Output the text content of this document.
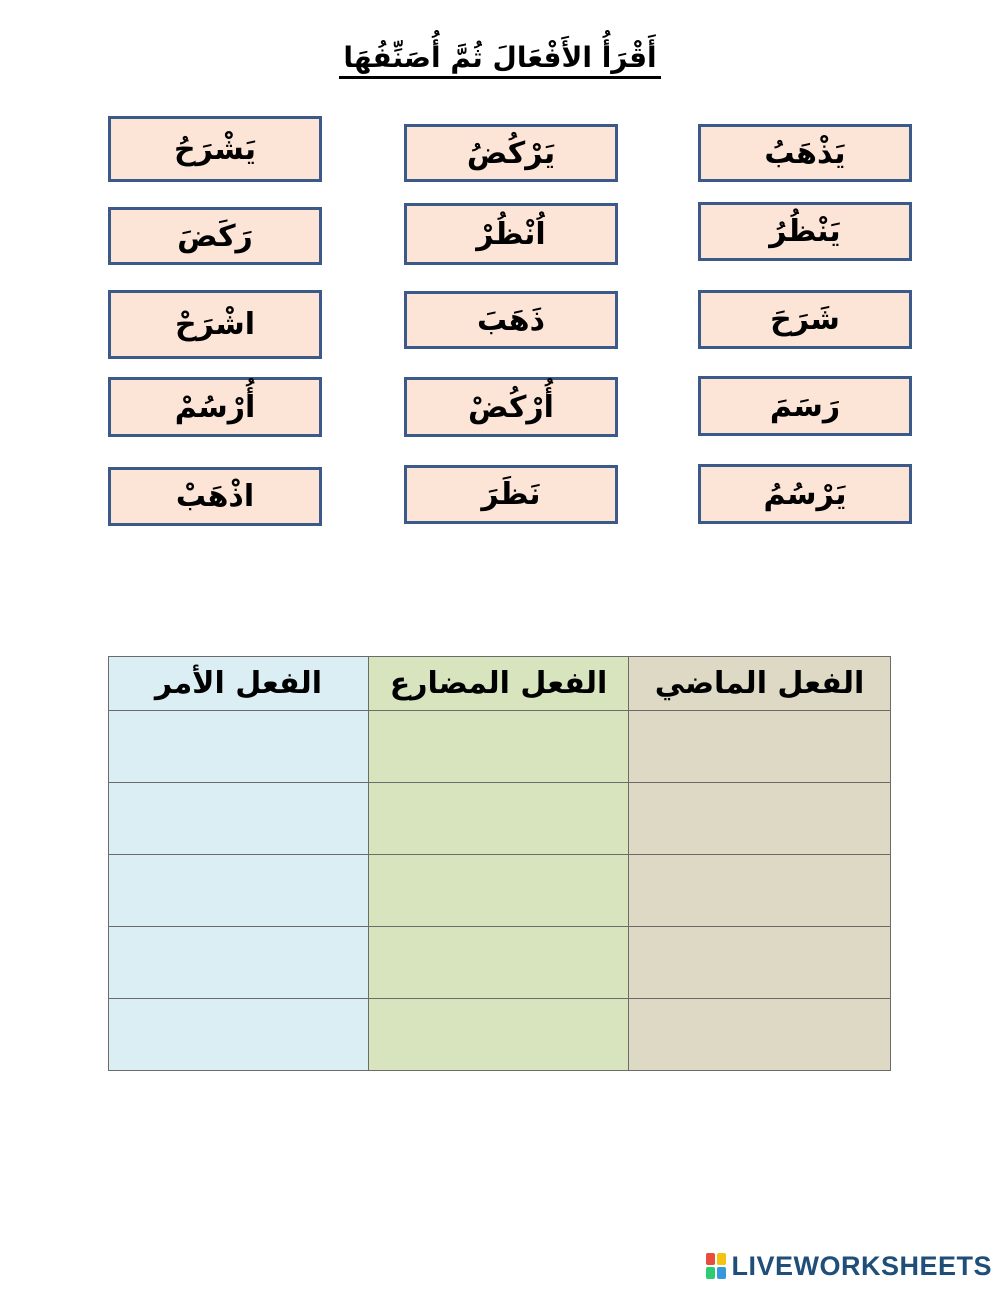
أَقْرَأُ الأَفْعَالَ ثُمَّ أُصَنِّفُهَا
يَشْرَحُ	يَرْكُضُ	يَذْهَبُ
رَكَضَ	اُنْظُرْ	يَنْظُرُ
اشْرَحْ	ذَهَبَ	شَرَحَ
أُرْسُمْ	أُرْكُضْ	رَسَمَ
اذْهَبْ	نَظَرَ	يَرْسُمُ
الفعل الأمر	الفعل المضارع	الفعل الماضي

LIVEWORKSHEETS
